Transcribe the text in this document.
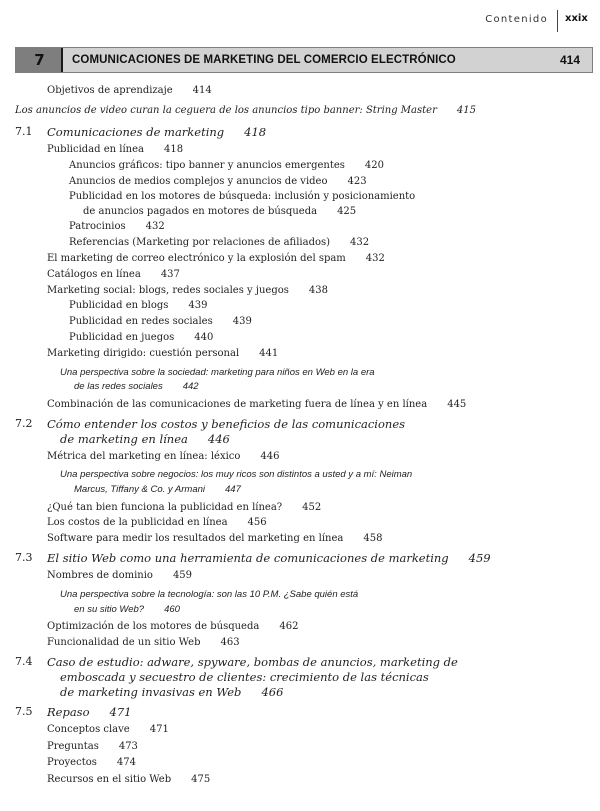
Contenido xxix
7	COMUNICACIONES DE MARKETING DEL COMERCIO ELECTRÓNICO	414
Objetivos de aprendizaje 414
Los anuncios de video curan la ceguera de los anuncios tipo banner: String Master 415
7.1 Comunicaciones de marketing 418
Publicidad en línea 418
Anuncios gráficos: tipo banner y anuncios emergentes 420
Anuncios de medios complejos y anuncios de video 423
Publicidad en los motores de búsqueda: inclusión y posicionamiento
de anuncios pagados en motores de búsqueda 425
Patrocinios 432
Referencias (Marketing por relaciones de afiliados) 432
El marketing de correo electrónico y la explosión del spam 432
Catálogos en línea 437
Marketing social: blogs, redes sociales y juegos 438
Publicidad en blogs 439
Publicidad en redes sociales 439
Publicidad en juegos 440
Marketing dirigido: cuestión personal 441
Una perspectiva sobre la sociedad: marketing para niños en Web en la era
de las redes sociales 442
Combinación de las comunicaciones de marketing fuera de línea y en línea 445
7.2 Cómo entender los costos y beneficios de las comunicaciones
de marketing en línea 446
Métrica del marketing en línea: léxico 446
Una perspectiva sobre negocios: los muy ricos son distintos a usted y a mí: Neiman
Marcus, Tiffany & Co. y Armani 447
¿Qué tan bien funciona la publicidad en línea? 452
Los costos de la publicidad en línea 456
Software para medir los resultados del marketing en línea 458
7.3 El sitio Web como una herramienta de comunicaciones de marketing 459
Nombres de dominio 459
Una perspectiva sobre la tecnología: son las 10 P.M. ¿Sabe quién está
en su sitio Web? 460
Optimización de los motores de búsqueda 462
Funcionalidad de un sitio Web 463
7.4 Caso de estudio: adware, spyware, bombas de anuncios, marketing de
emboscada y secuestro de clientes: crecimiento de las técnicas
de marketing invasivas en Web 466
7.5 Repaso 471
Conceptos clave 471
Preguntas 473
Proyectos 474
Recursos en el sitio Web 475
